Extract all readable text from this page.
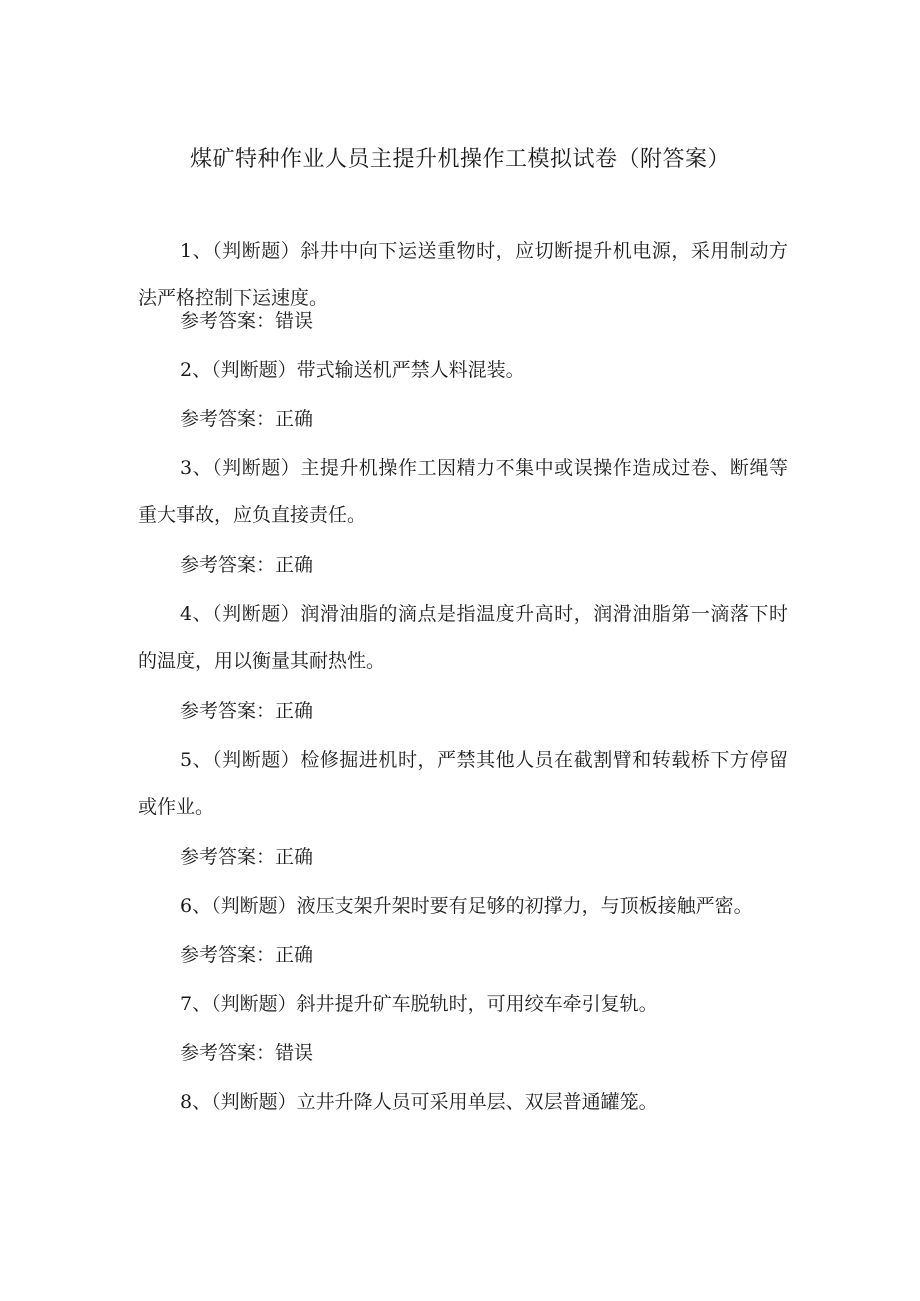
煤矿特种作业人员主提升机操作工模拟试卷（附答案）
1、（判断题）斜井中向下运送重物时，应切断提升机电源，采用制动方法严格控制下运速度。
参考答案：错误
2、（判断题）带式输送机严禁人料混装。
参考答案：正确
3、（判断题）主提升机操作工因精力不集中或误操作造成过卷、断绳等重大事故，应负直接责任。
参考答案：正确
4、（判断题）润滑油脂的滴点是指温度升高时，润滑油脂第一滴落下时的温度，用以衡量其耐热性。
参考答案：正确
5、（判断题）检修掘进机时，严禁其他人员在截割臂和转载桥下方停留或作业。
参考答案：正确
6、（判断题）液压支架升架时要有足够的初撑力，与顶板接触严密。
参考答案：正确
7、（判断题）斜井提升矿车脱轨时，可用绞车牵引复轨。
参考答案：错误
8、（判断题）立井升降人员可采用单层、双层普通罐笼。
